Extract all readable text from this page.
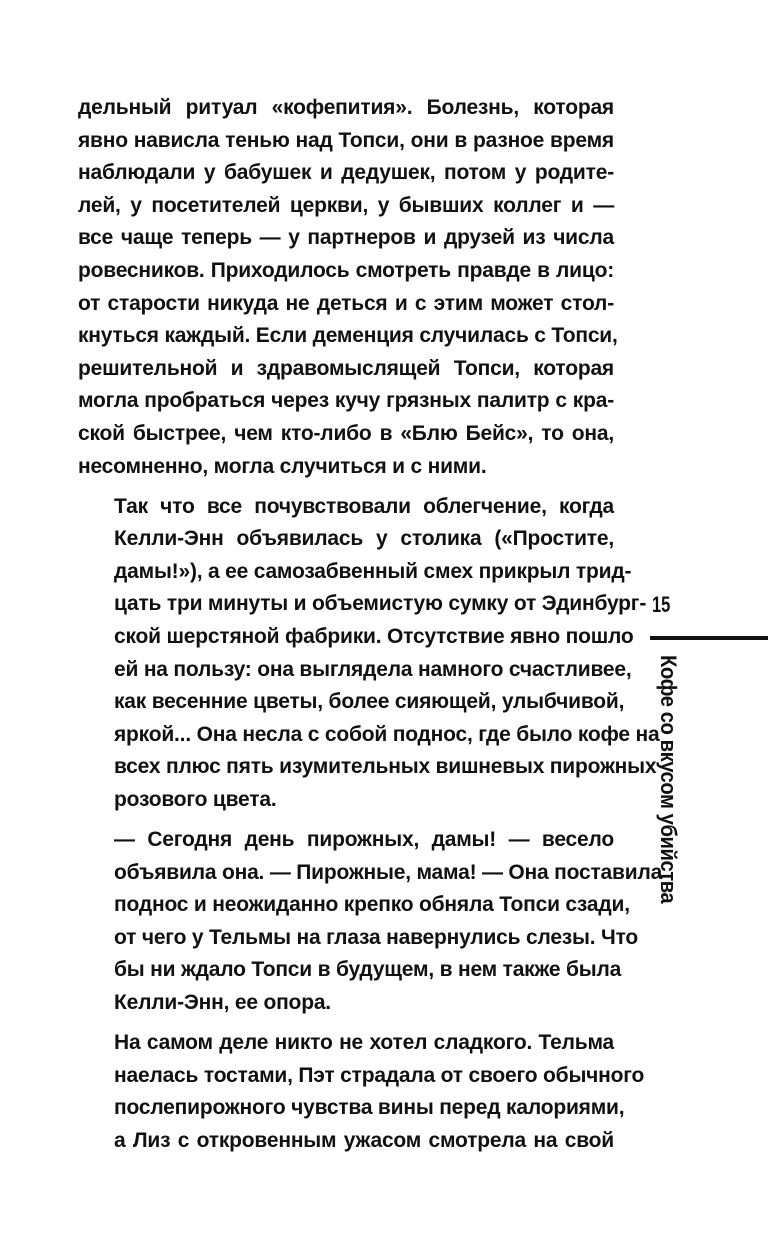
дельный ритуал «кофепития». Болезнь, которая
явно нависла тенью над Топси, они в разное время
наблюдали у бабушек и дедушек, потом у родите-
лей, у посетителей церкви, у бывших коллег и —
все чаще теперь — у партнеров и друзей из числа
ровесников. Приходилось смотреть правде в лицо:
от старости никуда не деться и с этим может стол-
кнуться каждый. Если деменция случилась с Топси,
решительной и здравомыслящей Топси, которая
могла пробраться через кучу грязных палитр с кра-
ской быстрее, чем кто-либо в «Блю Бейс», то она,
несомненно, могла случиться и с ними.

Так что все почувствовали облегчение, когда
Келли-Энн объявилась у столика («Простите,
дамы!»), а ее самозабвенный смех прикрыл трид-
цать три минуты и объемистую сумку от Эдинбург-
ской шерстяной фабрики. Отсутствие явно пошло
ей на пользу: она выглядела намного счастливее,
как весенние цветы, более сияющей, улыбчивой,
яркой... Она несла с собой поднос, где было кофе на
всех плюс пять изумительных вишневых пирожных
розового цвета.

— Сегодня день пирожных, дамы! — весело
объявила она. — Пирожные, мама! — Она поставила
поднос и неожиданно крепко обняла Топси сзади,
от чего у Тельмы на глаза навернулись слезы. Что
бы ни ждало Топси в будущем, в нем также была
Келли-Энн, ее опора.

На самом деле никто не хотел сладкого. Тельма
наелась тостами, Пэт страдала от своего обычного
послепирожного чувства вины перед калориями,
а Лиз с откровенным ужасом смотрела на свой

15
Кофе со вкусом убийства
